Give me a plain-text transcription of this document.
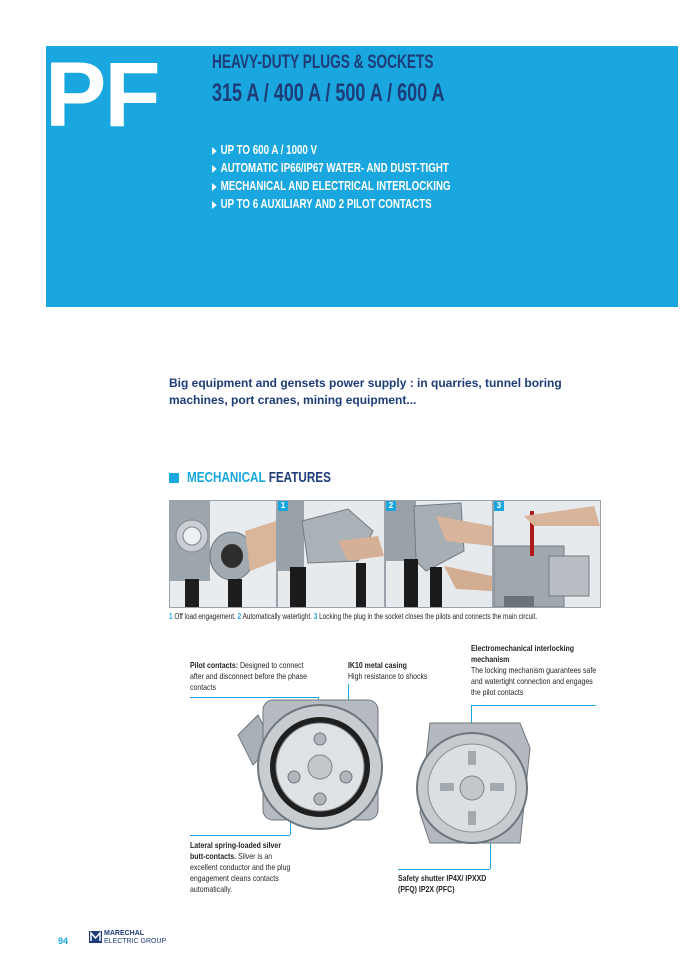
PF	HEAVY-DUTY PLUGS & SOCKETS
315 A / 400 A / 500 A / 600 A
UP TO 600 A / 1000 V
AUTOMATIC IP66/IP67 WATER- AND DUST-TIGHT
MECHANICAL AND ELECTRICAL INTERLOCKING
UP TO 6 AUXILIARY AND 2 PILOT CONTACTS
Big equipment and gensets power supply : in quarries, tunnel boring machines, port cranes, mining equipment...
MECHANICAL FEATURES
1	2	3
1 Off load engagement. 2 Automatically watertight. 3 Locking the plug in the socket closes the pilots and connects the main circuit.
Pilot contacts: Designed to connect after and disconnect before the phase contacts
IK10 metal casing
High resistance to shocks
Electromechanical interlocking mechanism
The locking mechanism guarantees safe and watertight connection and engages the pilot contacts
Lateral spring-loaded silver butt-contacts. Silver is an excellent conductor and the plug engagement cleans contacts automatically.
Safety shutter IP4X/ IPXXD (PFQ) IP2X (PFC)
94
MARECHAL
ELECTRIC GROUP
